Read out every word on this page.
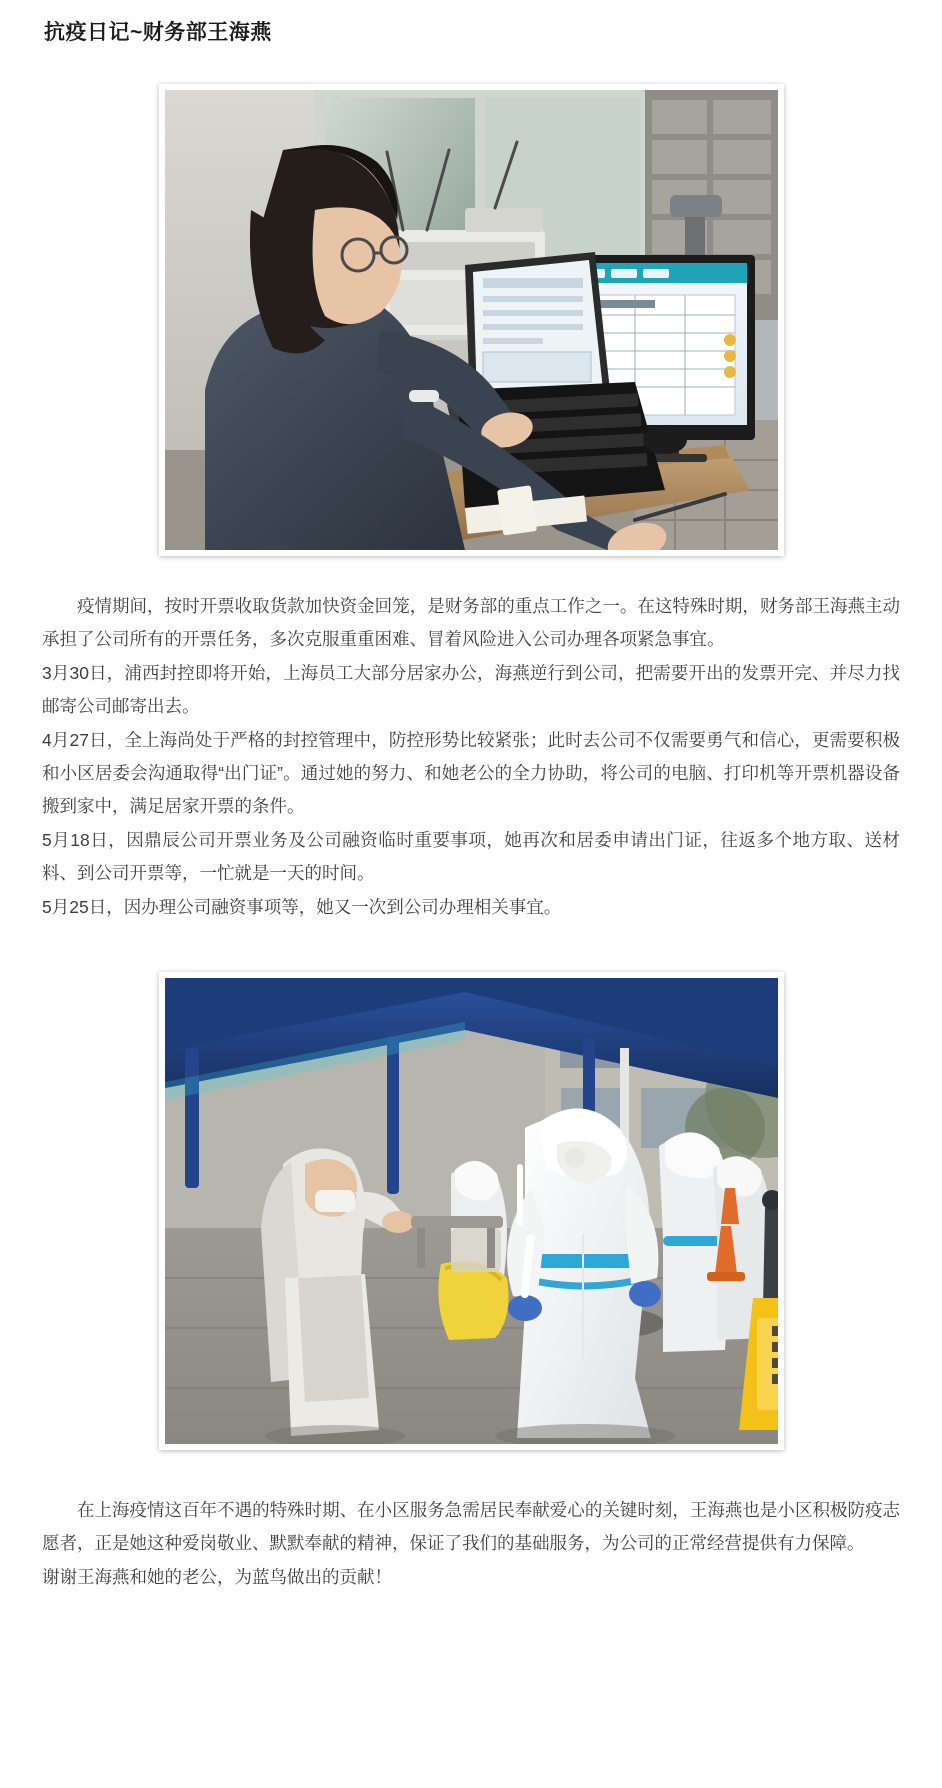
抗疫日记~财务部王海燕

疫情期间，按时开票收取货款加快资金回笼，是财务部的重点工作之一。在这特殊时期，财务部王海燕主动承担了公司所有的开票任务，多次克服重重困难、冒着风险进入公司办理各项紧急事宜。

3月30日，浦西封控即将开始，上海员工大部分居家办公，海燕逆行到公司，把需要开出的发票开完、并尽力找邮寄公司邮寄出去。

4月27日，全上海尚处于严格的封控管理中，防控形势比较紧张；此时去公司不仅需要勇气和信心，更需要积极和小区居委会沟通取得“出门证”。通过她的努力、和她老公的全力协助，将公司的电脑、打印机等开票机器设备搬到家中，满足居家开票的条件。

5月18日，因鼎辰公司开票业务及公司融资临时重要事项，她再次和居委申请出门证，往返多个地方取、送材料、到公司开票等，一忙就是一天的时间。

5月25日，因办理公司融资事项等，她又一次到公司办理相关事宜。

在上海疫情这百年不遇的特殊时期、在小区服务急需居民奉献爱心的关键时刻，王海燕也是小区积极防疫志愿者，正是她这种爱岗敬业、默默奉献的精神，保证了我们的基础服务，为公司的正常经营提供有力保障。

谢谢王海燕和她的老公，为蓝鸟做出的贡献！
